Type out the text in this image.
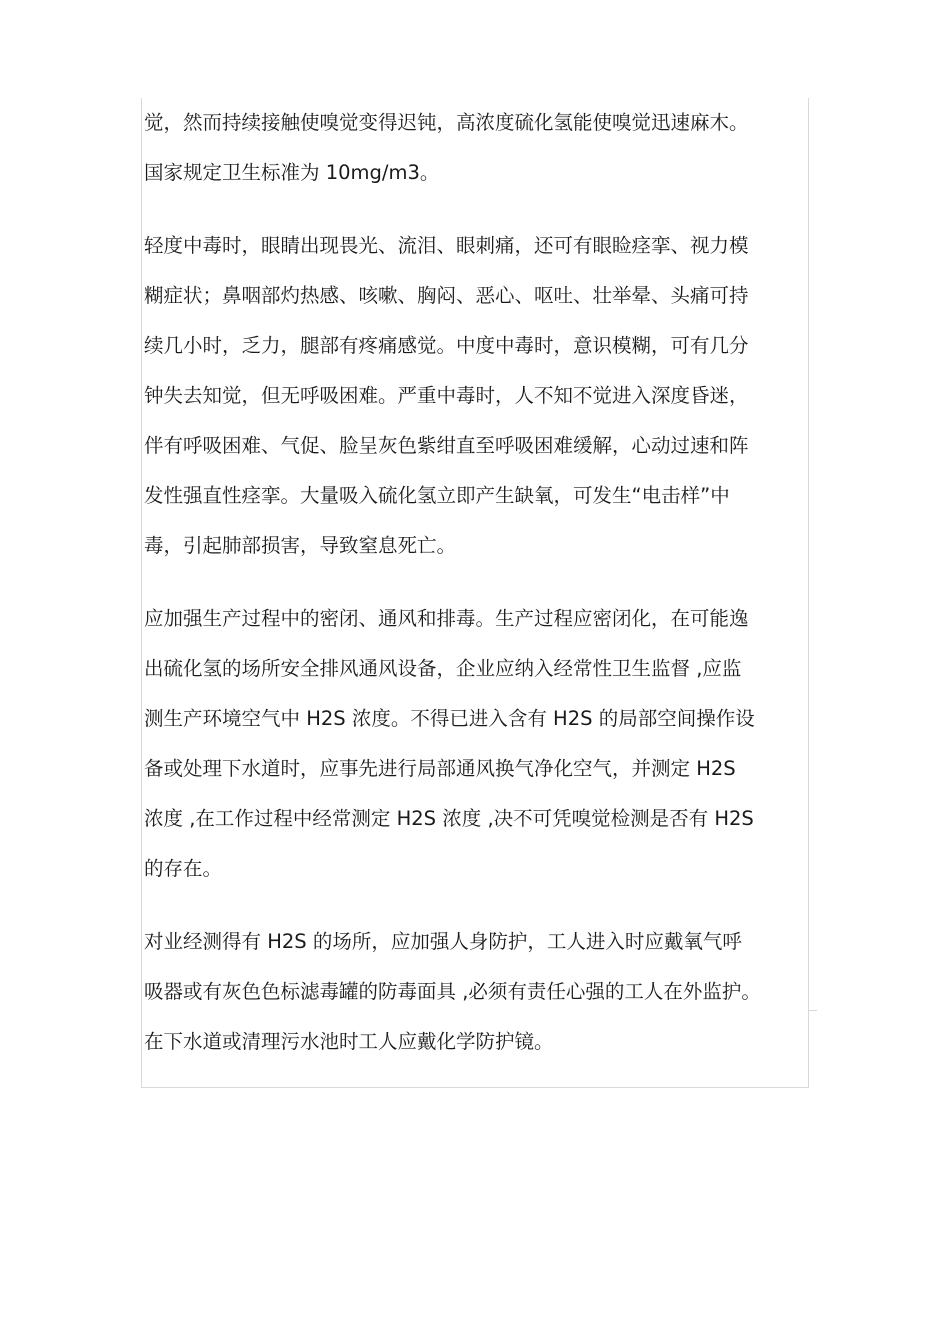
觉，然而持续接触使嗅觉变得迟钝，高浓度硫化氢能使嗅觉迅速麻木。
国家规定卫生标准为 10mg/m3。

轻度中毒时，眼睛出现畏光、流泪、眼刺痛，还可有眼睑痉挛、视力模
糊症状；鼻咽部灼热感、咳嗽、胸闷、恶心、呕吐、壮举晕、头痛可持
续几小时，乏力，腿部有疼痛感觉。中度中毒时，意识模糊，可有几分
钟失去知觉，但无呼吸困难。严重中毒时，人不知不觉进入深度昏迷，
伴有呼吸困难、气促、脸呈灰色紫绀直至呼吸困难缓解，心动过速和阵
发性强直性痉挛。大量吸入硫化氢立即产生缺氧，可发生“电击样”中
毒，引起肺部损害，导致窒息死亡。

应加强生产过程中的密闭、通风和排毒。生产过程应密闭化，在可能逸
出硫化氢的场所安全排风通风设备，企业应纳入经常性卫生监督 ,应监
测生产环境空气中 H2S 浓度。不得已进入含有 H2S 的局部空间操作设
备或处理下水道时，应事先进行局部通风换气净化空气，并测定 H2S
浓度 ,在工作过程中经常测定 H2S 浓度 ,决不可凭嗅觉检测是否有 H2S
的存在。

对业经测得有 H2S 的场所，应加强人身防护，工人进入时应戴氧气呼
吸器或有灰色色标滤毒罐的防毒面具 ,必须有责任心强的工人在外监护。
在下水道或清理污水池时工人应戴化学防护镜。
